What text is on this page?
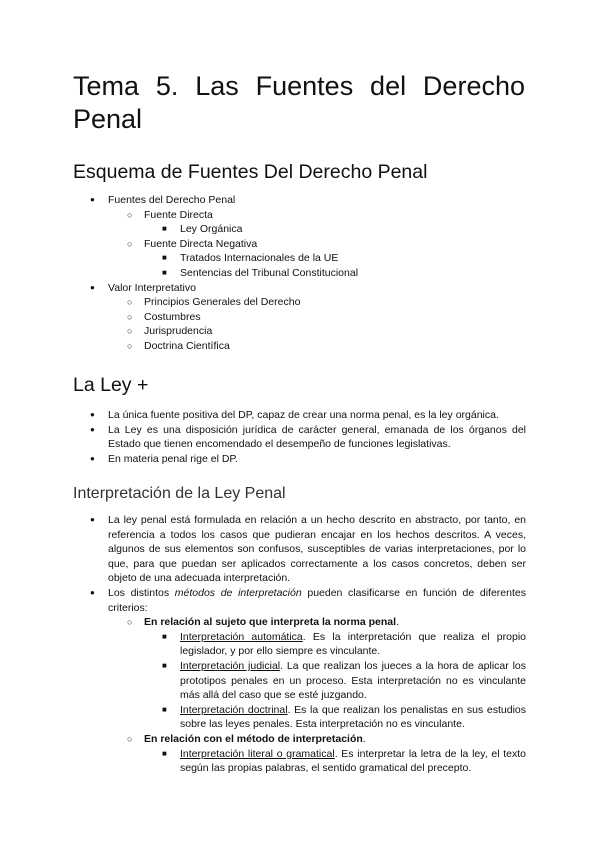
Tema 5. Las Fuentes del Derecho
Penal
Esquema de Fuentes Del Derecho Penal
● Fuentes del Derecho Penal
○ Fuente Directa
■ Ley Orgánica
○ Fuente Directa Negativa
■ Tratados Internacionales de la UE
■ Sentencias del Tribunal Constitucional
● Valor Interpretativo
○ Principios Generales del Derecho
○ Costumbres
○ Jurisprudencia
○ Doctrina Científica
La Ley +
● La única fuente positiva del DP, capaz de crear una norma penal, es la ley orgánica.
● La Ley es una disposición jurídica de carácter general, emanada de los órganos del Estado que tienen encomendado el desempeño de funciones legislativas.
● En materia penal rige el DP.
Interpretación de la Ley Penal
● La ley penal está formulada en relación a un hecho descrito en abstracto, por tanto, en referencia a todos los casos que pudieran encajar en los hechos descritos. A veces, algunos de sus elementos son confusos, susceptibles de varias interpretaciones, por lo que, para que puedan ser aplicados correctamente a los casos concretos, deben ser objeto de una adecuada interpretación.
● Los distintos métodos de interpretación pueden clasificarse en función de diferentes criterios:
○ En relación al sujeto que interpreta la norma penal.
■ Interpretación automática. Es la interpretación que realiza el propio legislador, y por ello siempre es vinculante.
■ Interpretación judicial. La que realizan los jueces a la hora de aplicar los prototipos penales en un proceso. Esta interpretación no es vinculante más allá del caso que se esté juzgando.
■ Interpretación doctrinal. Es la que realizan los penalistas en sus estudios sobre las leyes penales. Esta interpretación no es vinculante.
○ En relación con el método de interpretación.
■ Interpretación literal o gramatical. Es interpretar la letra de la ley, el texto según las propias palabras, el sentido gramatical del precepto.
